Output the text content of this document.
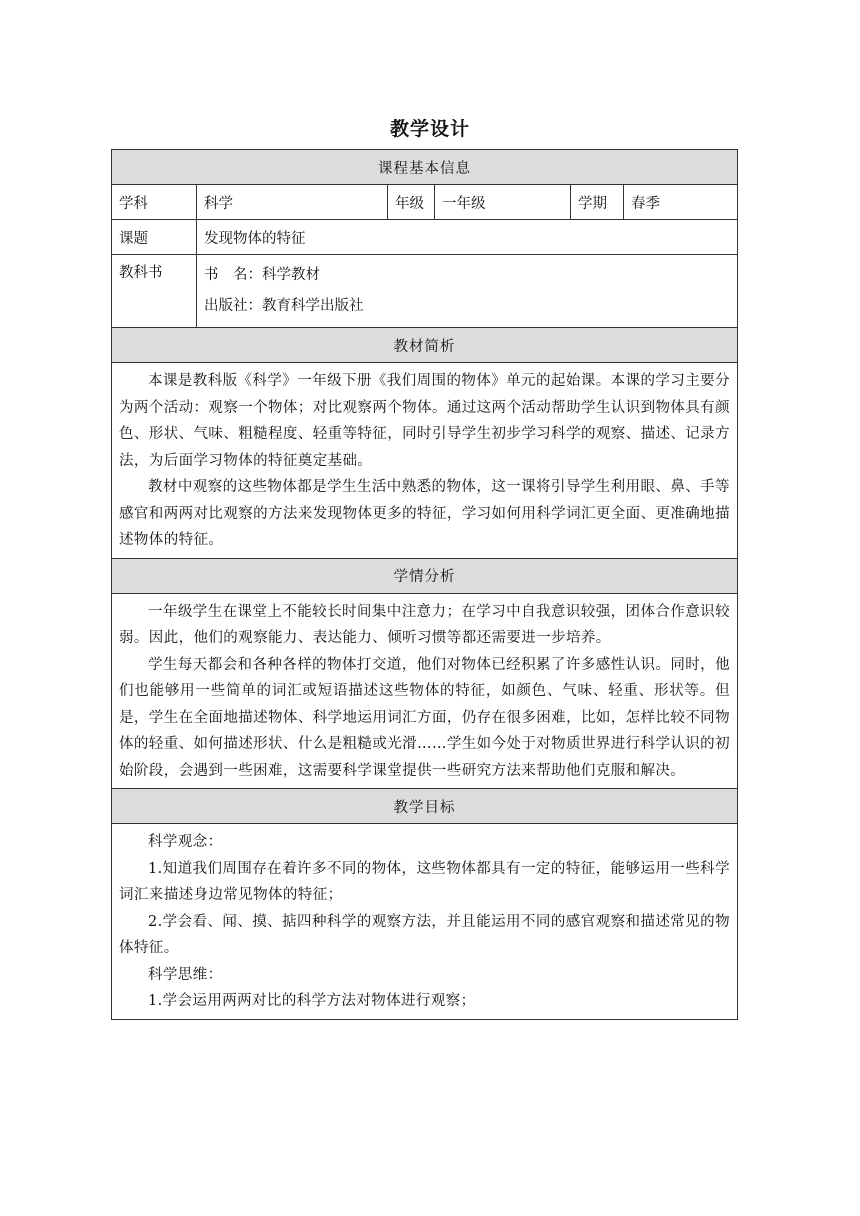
教学设计
课程基本信息					
学科	科学	年级	一年级	学期	春季
课题	发现物体的特征				
教科书	书　名：科学教材
出版社：教育科学出版社				

教材简析					

本课是教科版《科学》一年级下册《我们周围的物体》单元的起始课。本课的学习主要分为两个活动：观察一个物体；对比观察两个物体。通过这两个活动帮助学生认识到物体具有颜色、形状、气味、粗糙程度、轻重等特征，同时引导学生初步学习科学的观察、描述、记录方法，为后面学习物体的特征奠定基础。

教材中观察的这些物体都是学生生活中熟悉的物体，这一课将引导学生利用眼、鼻、手等感官和两两对比观察的方法来发现物体更多的特征，学习如何用科学词汇更全面、更准确地描述物体的特征。					

学情分析					

一年级学生在课堂上不能较长时间集中注意力；在学习中自我意识较强，团体合作意识较弱。因此，他们的观察能力、表达能力、倾听习惯等都还需要进一步培养。

学生每天都会和各种各样的物体打交道，他们对物体已经积累了许多感性认识。同时，他们也能够用一些简单的词汇或短语描述这些物体的特征，如颜色、气味、轻重、形状等。但是，学生在全面地描述物体、科学地运用词汇方面，仍存在很多困难，比如，怎样比较不同物体的轻重、如何描述形状、什么是粗糙或光滑……学生如今处于对物质世界进行科学认识的初始阶段，会遇到一些困难，这需要科学课堂提供一些研究方法来帮助他们克服和解决。					

教学目标					

科学观念：

1.知道我们周围存在着许多不同的物体，这些物体都具有一定的特征，能够运用一些科学词汇来描述身边常见物体的特征；

2.学会看、闻、摸、掂四种科学的观察方法，并且能运用不同的感官观察和描述常见的物体特征。

科学思维：

1.学会运用两两对比的科学方法对物体进行观察；					
